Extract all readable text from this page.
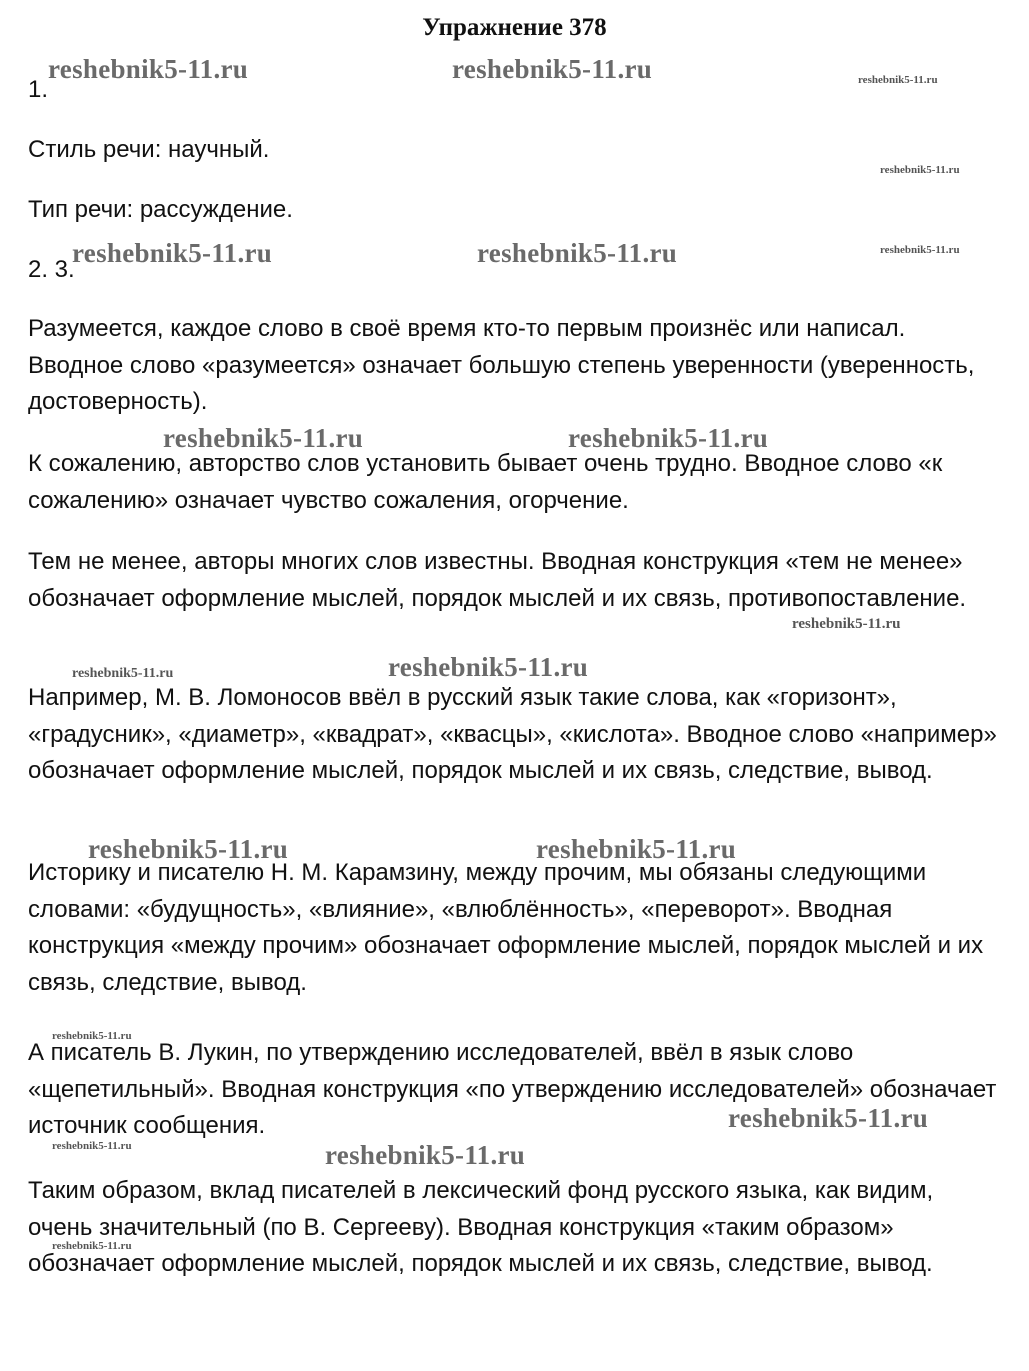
Упражнение 378
1.
Стиль речи: научный.
Тип речи: рассуждение.
2. 3.
Разумеется, каждое слово в своё время кто-то первым произнёс или написал. Вводное слово «разумеется» означает большую степень уверенности (уверенность, достоверность).
К сожалению, авторство слов установить бывает очень трудно. Вводное слово «к сожалению» означает чувство сожаления, огорчение.
Тем не менее, авторы многих слов известны. Вводная конструкция «тем не менее» обозначает оформление мыслей, порядок мыслей и их связь, противопоставление.
Например, М. В. Ломоносов ввёл в русский язык такие слова, как «горизонт», «градусник», «диаметр», «квадрат», «квасцы», «кислота». Вводное слово «например» обозначает оформление мыслей, порядок мыслей и их связь, следствие, вывод.
Историку и писателю Н. М. Карамзину, между прочим, мы обязаны следующими словами: «будущность», «влияние», «влюблённость», «переворот». Вводная конструкция «между прочим» обозначает оформление мыслей, порядок мыслей и их связь, следствие, вывод.
А писатель В. Лукин, по утверждению исследователей, ввёл в язык слово «щепетильный». Вводная конструкция «по утверждению исследователей» обозначает источник сообщения.
Таким образом, вклад писателей в лексический фонд русского языка, как видим, очень значительный (по В. Сергееву). Вводная конструкция «таким образом» обозначает оформление мыслей, порядок мыслей и их связь, следствие, вывод.
reshebnik5-11.ru	reshebnik5-11.ru	reshebnik5-11.ru
reshebnik5-11.ru
reshebnik5-11.ru
reshebnik5-11.ru	reshebnik5-11.ru
reshebnik5-11.ru	reshebnik5-11.ru
reshebnik5-11.ru
reshebnik5-11.ru	reshebnik5-11.ru
reshebnik5-11.ru	reshebnik5-11.ru
reshebnik5-11.ru
reshebnik5-11.ru
reshebnik5-11.ru	reshebnik5-11.ru
reshebnik5-11.ru
